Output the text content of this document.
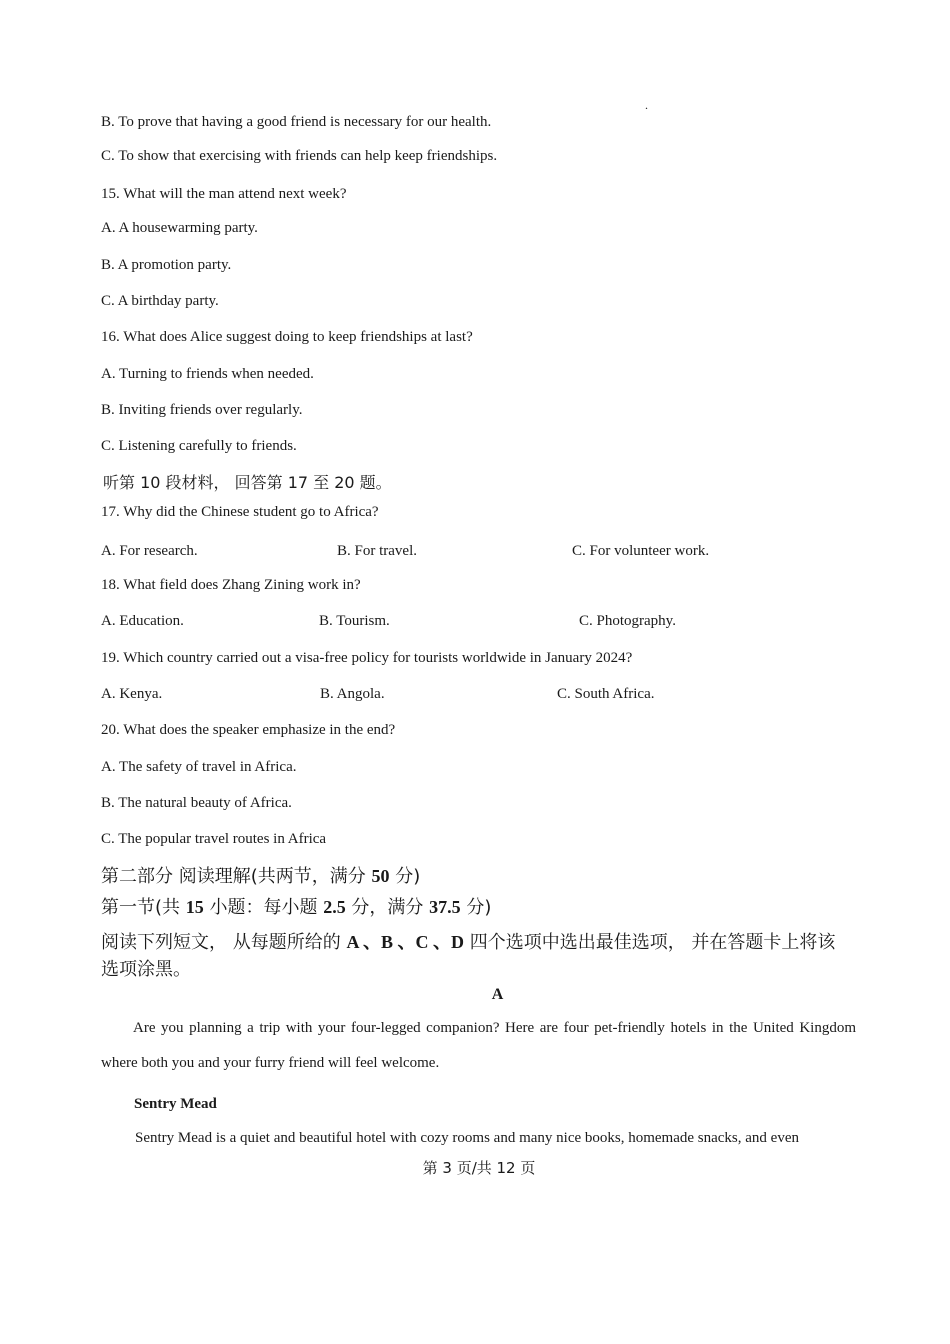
.
B. To prove that having a good friend is necessary for our health.
C. To show that exercising with friends can help keep friendships.
15. What will the man attend next week?
A. A housewarming party.
B. A promotion party.
C. A birthday party.
16. What does Alice suggest doing to keep friendships at last?
A. Turning to friends when needed.
B. Inviting friends over regularly.
C. Listening carefully to friends.
听第 10 段材料， 回答第 17 至 20 题。
17. Why did the Chinese student go to Africa?
A. For research.	B. For travel.	C. For volunteer work.
18. What field does Zhang Zining work in?
A. Education.	B. Tourism.	C. Photography.
19. Which country carried out a visa-free policy for tourists worldwide in January 2024?
A. Kenya.	B. Angola.	C. South Africa.
20. What does the speaker emphasize in the end?
A. The safety of travel in Africa.
B. The natural beauty of Africa.
C. The popular travel routes in Africa
第二部分 阅读理解(共两节，满分 50 分)
第一节(共 15 小题：每小题 2.5 分，满分 37.5 分)
阅读下列短文， 从每题所给的 A 、B 、C 、D 四个选项中选出最佳选项， 并在答题卡上将该
选项涂黑。
A
Are you planning a trip with your four-legged companion? Here are four pet-friendly hotels in the United Kingdom where both you and your furry friend will feel welcome.
Sentry Mead
Sentry Mead is a quiet and beautiful hotel with cozy rooms and many nice books, homemade snacks, and even
第 3 页/共 12 页
